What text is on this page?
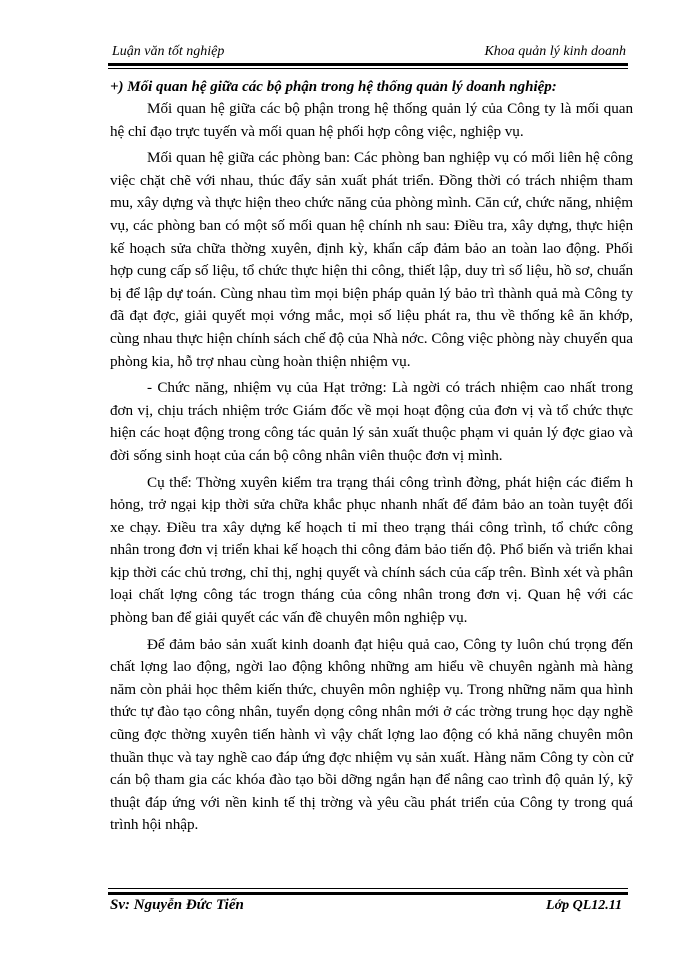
Luận văn tốt nghiệp	Khoa quản lý kinh doanh

+) Mối quan hệ giữa các bộ phận trong hệ thống quản lý doanh nghiệp:

Mối quan hệ giữa các bộ phận trong hệ thống quản lý của Công ty là mối quan hệ chỉ đạo trực tuyến và mối quan hệ phối hợp công việc, nghiệp vụ.

Mối quan hệ giữa các phòng ban: Các phòng ban nghiệp vụ có mối liên hệ công việc chặt chẽ với nhau, thúc đẩy sản xuất phát triển. Đồng thời có trách nhiệm tham mu, xây dựng và thực hiện theo chức năng của phòng mình. Căn cứ, chức năng, nhiệm vụ, các phòng ban có một số mối quan hệ chính nh sau: Điều tra, xây dựng, thực hiện kế hoạch sửa chữa thờng xuyên, định kỳ, khẩn cấp đảm bảo an toàn lao động. Phối hợp cung cấp số liệu, tổ chức thực hiện thi công, thiết lập, duy trì số liệu, hồ sơ, chuẩn bị để lập dự toán. Cùng nhau tìm mọi biện pháp quản lý bảo trì thành quả mà Công ty đã đạt đợc, giải quyết mọi vớng mắc, mọi số liệu phát ra, thu về thống kê ăn khớp, cùng nhau thực hiện chính sách chế độ của Nhà nớc. Công việc phòng này chuyển qua phòng kia, hỗ trợ nhau cùng hoàn thiện nhiệm vụ.

- Chức năng, nhiệm vụ của Hạt trởng: Là ngời có trách nhiệm cao nhất trong đơn vị, chịu trách nhiệm trớc Giám đốc về mọi hoạt động của đơn vị và tổ chức thực hiện các hoạt động trong công tác quản lý sản xuất thuộc phạm vi quản lý đợc giao và đời sống sinh hoạt của cán bộ công nhân viên thuộc đơn vị mình.

Cụ thể: Thờng xuyên kiểm tra trạng thái công trình đờng, phát hiện các điểm h hỏng, trở ngại kịp thời sửa chữa khắc phục nhanh nhất để đảm bảo an toàn tuyệt đối xe chạy. Điều tra xây dựng kế hoạch tỉ mỉ theo trạng thái công trình, tổ chức công nhân trong đơn vị triển khai kế hoạch thi công đảm bảo tiến độ. Phổ biến và triển khai kịp thời các chủ trơng, chỉ thị, nghị quyết và chính sách của cấp trên. Bình xét và phân loại chất lợng công tác trogn tháng của công nhân trong đơn vị. Quan hệ với các phòng ban để giải quyết các vấn đề chuyên môn nghiệp vụ.

Để đảm bảo sản xuất kinh doanh đạt hiệu quả cao, Công ty luôn chú trọng đến chất lợng lao động, ngời lao động không những am hiểu về chuyên ngành mà hàng năm còn phải học thêm kiến thức, chuyên môn nghiệp vụ. Trong những năm qua hình thức tự đào tạo công nhân, tuyển dọng công nhân mới ở các trờng trung học dạy nghề cũng đợc thờng xuyên tiến hành vì vậy chất lợng lao động có khả năng chuyên môn thuần thục và tay nghề cao đáp ứng đợc nhiệm vụ sản xuất. Hàng năm Công ty còn cử cán bộ tham gia các khóa đào tạo bồi dỡng ngắn hạn để nâng cao trình độ quản lý, kỹ thuật đáp ứng với nền kinh tế thị trờng và yêu cầu phát triển của Công ty trong quá trình hội nhập.

Sv: Nguyễn Đức Tiến	Lớp QL12.11
